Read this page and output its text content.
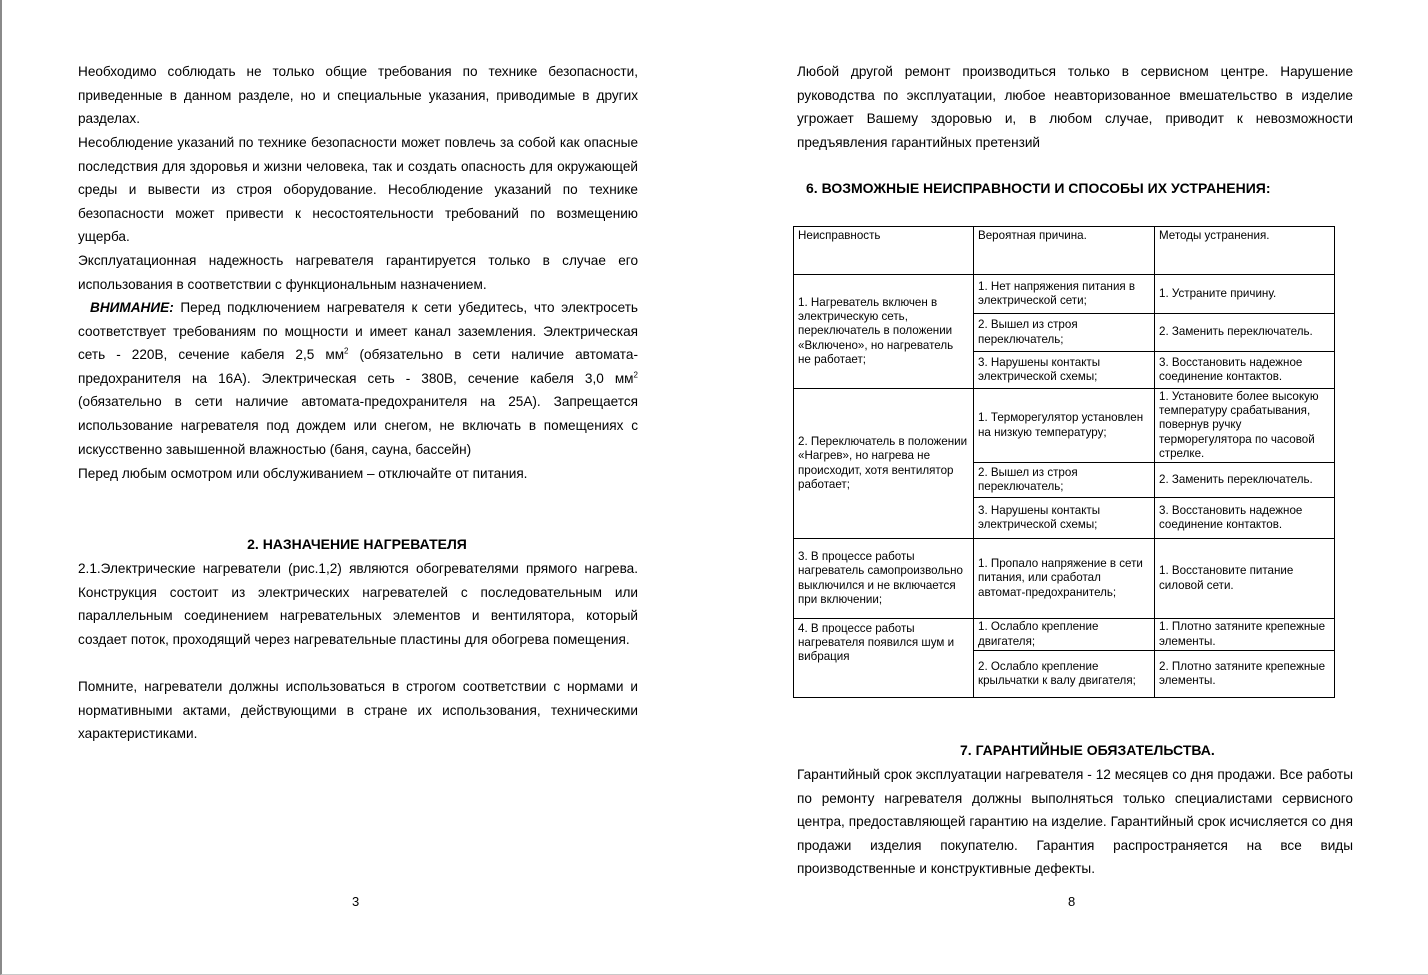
Необходимо соблюдать не только общие требования по технике безопасности, приведенные в данном разделе, но и специальные указания, приводимые в других разделах.

Несоблюдение указаний по технике безопасности может повлечь за собой как опасные последствия для здоровья и жизни человека, так и создать опасность для окружающей среды и вывести из строя оборудование. Несоблюдение указаний по технике безопасности может привести к несостоятельности требований по возмещению ущерба.

Эксплуатационная надежность нагревателя гарантируется только в случае его использования в соответствии с функциональным назначением.

ВНИМАНИЕ: Перед подключением нагревателя к сети убедитесь, что электросеть соответствует требованиям по мощности и имеет канал заземления. Электрическая сеть - 220В, сечение кабеля 2,5 $мм^2$ (обязательно в сети наличие автомата-предохранителя на 16А). Электрическая сеть - 380В, сечение кабеля 3,0 $мм^2$ (обязательно в сети наличие автомата-предохранителя на 25А). Запрещается использование нагревателя под дождем или снегом, не включать в помещениях с искусственно завышенной влажностью (баня, сауна, бассейн)

Перед любым осмотром или обслуживанием – отключайте от питания.

2. НАЗНАЧЕНИЕ НАГРЕВАТЕЛЯ

2.1.Электрические нагреватели (рис.1,2) являются обогревателями прямого нагрева. Конструкция состоит из электрических нагревателей с последовательным или параллельным соединением нагревательных элементов и вентилятора, который создает поток, проходящий через нагревательные пластины для обогрева помещения.

Помните, нагреватели должны использоваться в строгом соответствии с нормами и нормативными актами, действующими в стране их использования, техническими характеристиками.

3

Любой другой ремонт производиться только в сервисном центре. Нарушение руководства по эксплуатации, любое неавторизованное вмешательство в изделие угрожает Вашему здоровью и, в любом случае, приводит к невозможности предъявления гарантийных претензий

6. ВОЗМОЖНЫЕ НЕИСПРАВНОСТИ И СПОСОБЫ ИХ УСТРАНЕНИЯ:
Неисправность	Вероятная причина.	Методы устранения.
1. Нагреватель включен в электрическую сеть, переключатель в положении «Включено», но нагреватель не работает;	1. Нет напряжения питания в электрической сети;	1. Устраните причину.
	2. Вышел из строя переключатель;	2. Заменить переключатель.
	3. Нарушены контакты электрической схемы;	3. Восстановить надежное соединение контактов.
2. Переключатель в положении «Нагрев», но нагрева не происходит, хотя вентилятор работает;	1. Терморегулятор установлен на низкую температуру;	1. Установите более высокую температуру срабатывания, повернув ручку терморегулятора по часовой стрелке.
	2. Вышел из строя переключатель;	2. Заменить переключатель.
	3. Нарушены контакты электрической схемы;	3. Восстановить надежное соединение контактов.
3. В процессе работы нагреватель самопроизвольно выключился и не включается при включении;	1. Пропало напряжение в сети питания, или сработал автомат-предохранитель;	1. Восстановите питание силовой сети.
4. В процессе работы нагревателя появился шум и вибрация	1. Ослабло крепление двигателя;	1. Плотно затяните крепежные элементы.
	2. Ослабло крепление крыльчатки к валу двигателя;	2. Плотно затяните крепежные элементы.
7. ГАРАНТИЙНЫЕ ОБЯЗАТЕЛЬСТВА.

Гарантийный срок эксплуатации нагревателя - 12 месяцев со дня продажи. Все работы по ремонту нагревателя должны выполняться только специалистами сервисного центра, предоставляющей гарантию на изделие. Гарантийный срок исчисляется со дня продажи изделия покупателю. Гарантия распространяется на все виды производственные и конструктивные дефекты.

8
